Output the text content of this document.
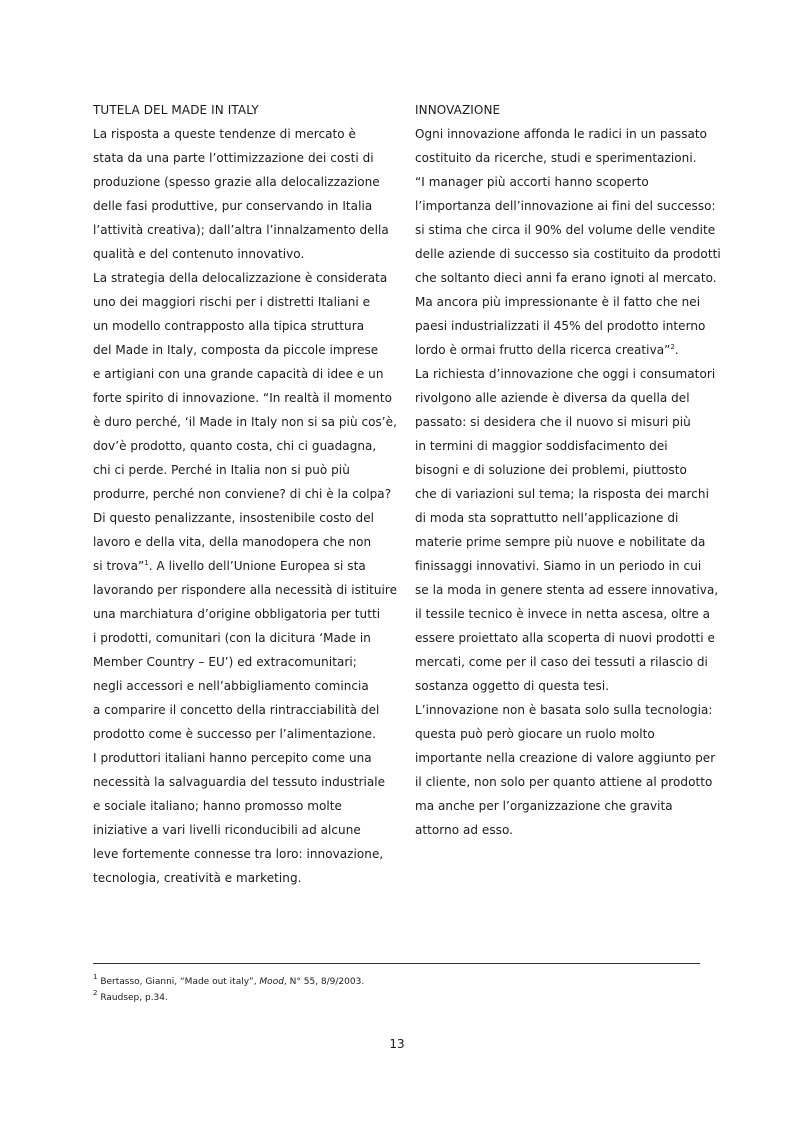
TUTELA DEL MADE IN ITALY
La risposta a queste tendenze di mercato è
stata da una parte l’ottimizzazione dei costi di
produzione (spesso grazie alla delocalizzazione
delle fasi produttive, pur conservando in Italia
l’attività creativa); dall’altra l’innalzamento della
qualità e del contenuto innovativo.
La strategia della delocalizzazione è considerata
uno dei maggiori rischi per i distretti Italiani e
un modello contrapposto alla tipica struttura
del Made in Italy, composta da piccole imprese
e artigiani con una grande capacità di idee e un
forte spirito di innovazione. “In realtà il momento
è duro perché, ‘il Made in Italy non si sa più cos’è,
dov’è prodotto, quanto costa, chi ci guadagna,
chi ci perde. Perché in Italia non si può più
produrre, perché non conviene? di chi è la colpa?
Di questo penalizzante, insostenibile costo del
lavoro e della vita, della manodopera che non
si trova”$^1$. A livello dell’Unione Europea si sta
lavorando per rispondere alla necessità di istituire
una marchiatura d’origine obbligatoria per tutti
i prodotti, comunitari (con la dicitura ‘Made in
Member Country – EU’) ed extracomunitari;
negli accessori e nell’abbigliamento comincia
a comparire il concetto della rintracciabilità del
prodotto come è successo per l’alimentazione.
I produttori italiani hanno percepito come una
necessità la salvaguardia del tessuto industriale
e sociale italiano; hanno promosso molte
iniziative a vari livelli riconducibili ad alcune
leve fortemente connesse tra loro: innovazione,
tecnologia, creatività e marketing.
INNOVAZIONE
Ogni innovazione affonda le radici in un passato
costituito da ricerche, studi e sperimentazioni.
“I manager più accorti hanno scoperto
l’importanza dell’innovazione ai fini del successo:
si stima che circa il 90% del volume delle vendite
delle aziende di successo sia costituito da prodotti
che soltanto dieci anni fa erano ignoti al mercato.
Ma ancora più impressionante è il fatto che nei
paesi industrializzati il 45% del prodotto interno
lordo è ormai frutto della ricerca creativa”$^2$.
La richiesta d’innovazione che oggi i consumatori
rivolgono alle aziende è diversa da quella del
passato: si desidera che il nuovo si misuri più
in termini di maggior soddisfacimento dei
bisogni e di soluzione dei problemi, piuttosto
che di variazioni sul tema; la risposta dei marchi
di moda sta soprattutto nell’applicazione di
materie prime sempre più nuove e nobilitate da
finissaggi innovativi. Siamo in un periodo in cui
se la moda in genere stenta ad essere innovativa,
il tessile tecnico è invece in netta ascesa, oltre a
essere proiettato alla scoperta di nuovi prodotti e
mercati, come per il caso dei tessuti a rilascio di
sostanza oggetto di questa tesi.
L’innovazione non è basata solo sulla tecnologia:
questa può però giocare un ruolo molto
importante nella creazione di valore aggiunto per
il cliente, non solo per quanto attiene al prodotto
ma anche per l’organizzazione che gravita
attorno ad esso.
$^1$ Bertasso, Gianni, “Made out italy”, Mood, N° 55, 8/9/2003.
$^2$ Raudsep, p.34.
13
